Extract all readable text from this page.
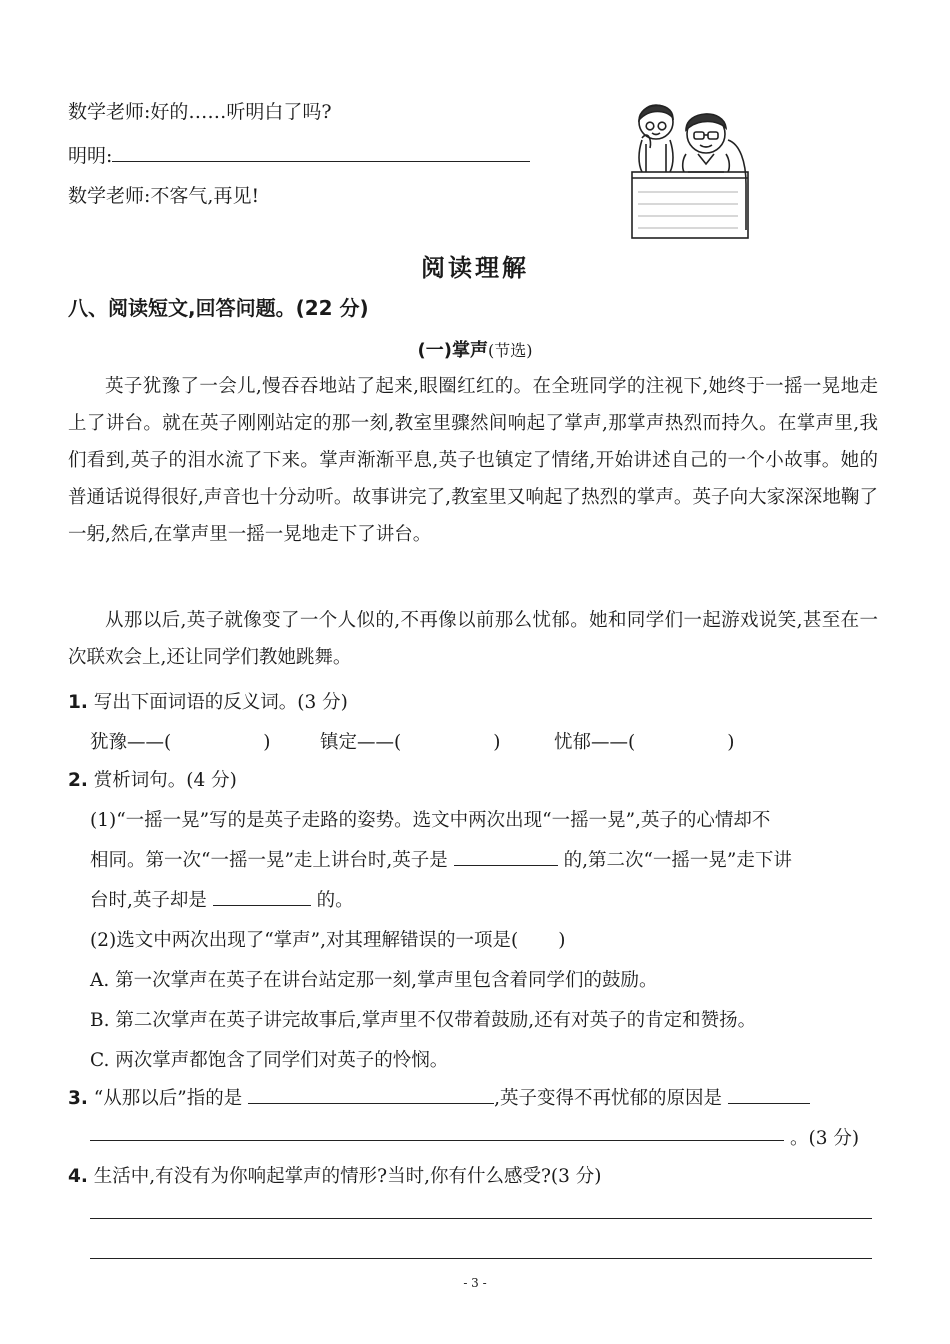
数学老师:好的……听明白了吗?
明明:
数学老师:不客气,再见!
阅读理解
八、阅读短文,回答问题。(22 分)
(一)掌声(节选)
英子犹豫了一会儿,慢吞吞地站了起来,眼圈红红的。在全班同学的注视下,她终于一摇一晃地走上了讲台。就在英子刚刚站定的那一刻,教室里骤然间响起了掌声,那掌声热烈而持久。在掌声里,我们看到,英子的泪水流了下来。掌声渐渐平息,英子也镇定了情绪,开始讲述自己的一个小故事。她的普通话说得很好,声音也十分动听。故事讲完了,教室里又响起了热烈的掌声。英子向大家深深地鞠了一躬,然后,在掌声里一摇一晃地走下了讲台。
从那以后,英子就像变了一个人似的,不再像以前那么忧郁。她和同学们一起游戏说笑,甚至在一次联欢会上,还让同学们教她跳舞。
1. 写出下面词语的反义词。(3 分)
犹豫——(	)	镇定——(	)	忧郁——(	)
2. 赏析词句。(4 分)
(1)“一摇一晃”写的是英子走路的姿势。选文中两次出现“一摇一晃”,英子的心情却不
相同。第一次“一摇一晃”走上讲台时,英子是	的,第二次“一摇一晃”走下讲
台时,英子却是	的。
(2)选文中两次出现了“掌声”,对其理解错误的一项是( )
A. 第一次掌声在英子在讲台站定那一刻,掌声里包含着同学们的鼓励。
B. 第二次掌声在英子讲完故事后,掌声里不仅带着鼓励,还有对英子的肯定和赞扬。
C. 两次掌声都饱含了同学们对英子的怜悯。
3. “从那以后”指的是	,英子变得不再忧郁的原因是
。(3 分)
4. 生活中,有没有为你响起掌声的情形?当时,你有什么感受?(3 分)
- 3 -
